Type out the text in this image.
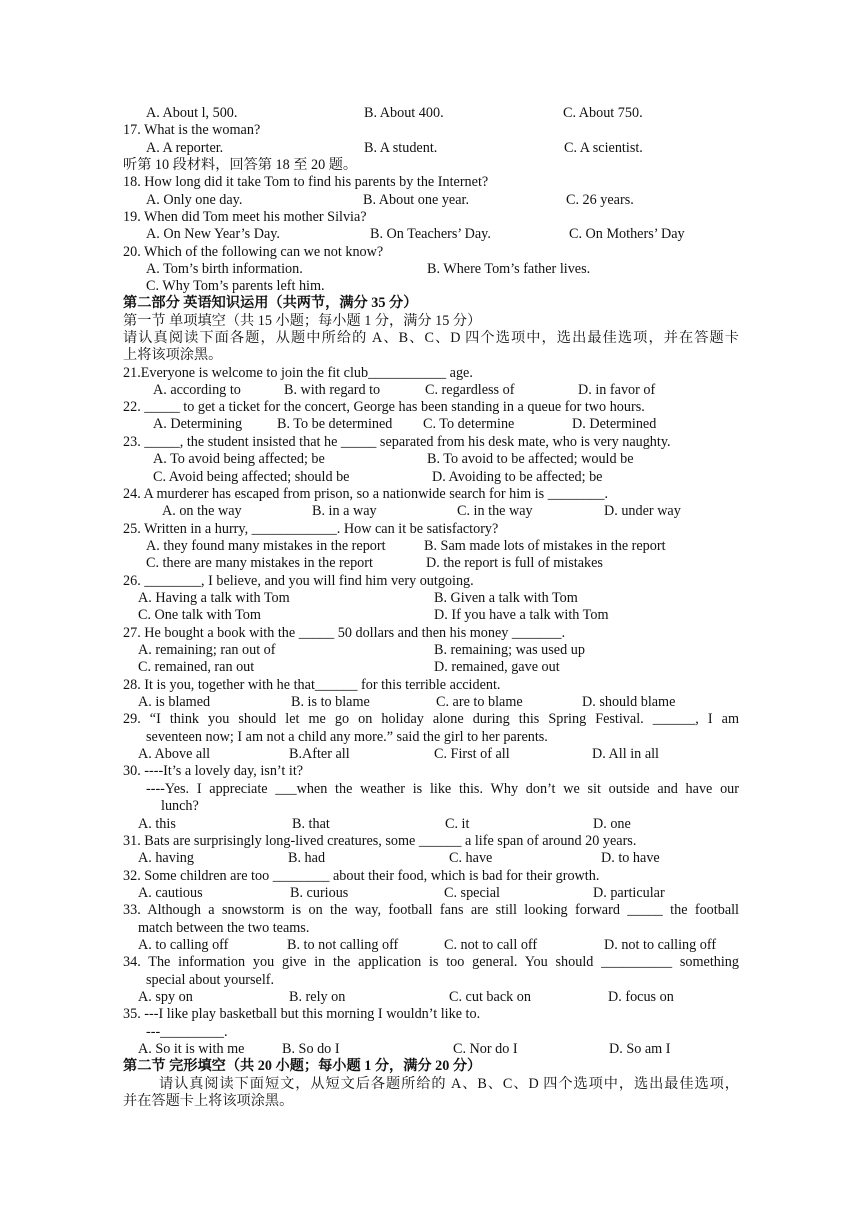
A. About l, 500.	B. About 400.	C. About 750.
17. What is the woman?
A. A reporter.	B. A student.	C. A scientist.
听第 10 段材料，回答第 18 至 20 题。
18. How long did it take Tom to find his parents by the Internet?
A. Only one day.	B. About one year.	C. 26 years.
19. When did Tom meet his mother Silvia?
A. On New Year’s Day.	B. On Teachers’ Day.	C. On Mothers’ Day
20. Which of the following can we not know?
A. Tom’s birth information.	B. Where Tom’s father lives.
C. Why Tom’s parents left him.
第二部分 英语知识运用（共两节，满分 35 分）
第一节 单项填空（共 15 小题；每小题 1 分，满分 15 分）
请认真阅读下面各题，从题中所给的 A、B、C、D 四个选项中，选出最佳选项，并在答题卡
上将该项涂黑。
21.Everyone is welcome to join the fit club___________ age.
A. according to	B. with regard to	C. regardless of	D. in favor of
22. _____ to get a ticket for the concert, George has been standing in a queue for two hours.
A. Determining B. To be determined C. To determine	D. Determined
23. _____, the student insisted that he _____ separated from his desk mate, who is very naughty.
A. To avoid being affected; be	B. To avoid to be affected; would be
C. Avoid being affected; should be	D. Avoiding to be affected; be
24. A murderer has escaped from prison, so a nationwide search for him is ________.
A. on the way	B. in a way	C. in the way	D. under way
25. Written in a hurry, ____________. How can it be satisfactory?
A. they found many mistakes in the report	B. Sam made lots of mistakes in the report
C. there are many mistakes in the report	D. the report is full of mistakes
26. ________, I believe, and you will find him very outgoing.
A. Having a talk with Tom	B. Given a talk with Tom
C. One talk with Tom	D. If you have a talk with Tom
27. He bought a book with the _____ 50 dollars and then his money _______.
A. remaining; ran out of	B. remaining; was used up
C. remained, ran out	D. remained, gave out
28. It is you, together with he that______ for this terrible accident.
A. is blamed	B. is to blame	C. are to blame	D. should blame
29. “I think you should let me go on holiday alone during this Spring Festival. ______, I am
seventeen now; I am not a child any more.” said the girl to her parents.
A. Above all	B.After all	C. First of all	D. All in all
30. ----It’s a lovely day, isn’t it?
----Yes. I appreciate ___when the weather is like this. Why don’t we sit outside and have our
lunch?
A. this	B. that	C. it	D. one
31. Bats are surprisingly long-lived creatures, some ______ a life span of around 20 years.
A. having	B. had	C. have	D. to have
32. Some children are too ________ about their food, which is bad for their growth.
A. cautious	B. curious	C. special	D. particular
33. Although a snowstorm is on the way, football fans are still looking forward _____ the football
match between the two teams.
A. to calling off	B. to not calling off	C. not to call off	D. not to calling off
34. The information you give in the application is too general. You should __________ something
special about yourself.
A. spy on	B. rely on	C. cut back on	D. focus on
35. ---I like play basketball but this morning I wouldn’t like to.
---_________.
A. So it is with me	B. So do I	C. Nor do I	D. So am I
第二节 完形填空（共 20 小题；每小题 1 分，满分 20 分）
请认真阅读下面短文，从短文后各题所给的 A、B、C、D 四个选项中，选出最佳选项，
并在答题卡上将该项涂黑。
